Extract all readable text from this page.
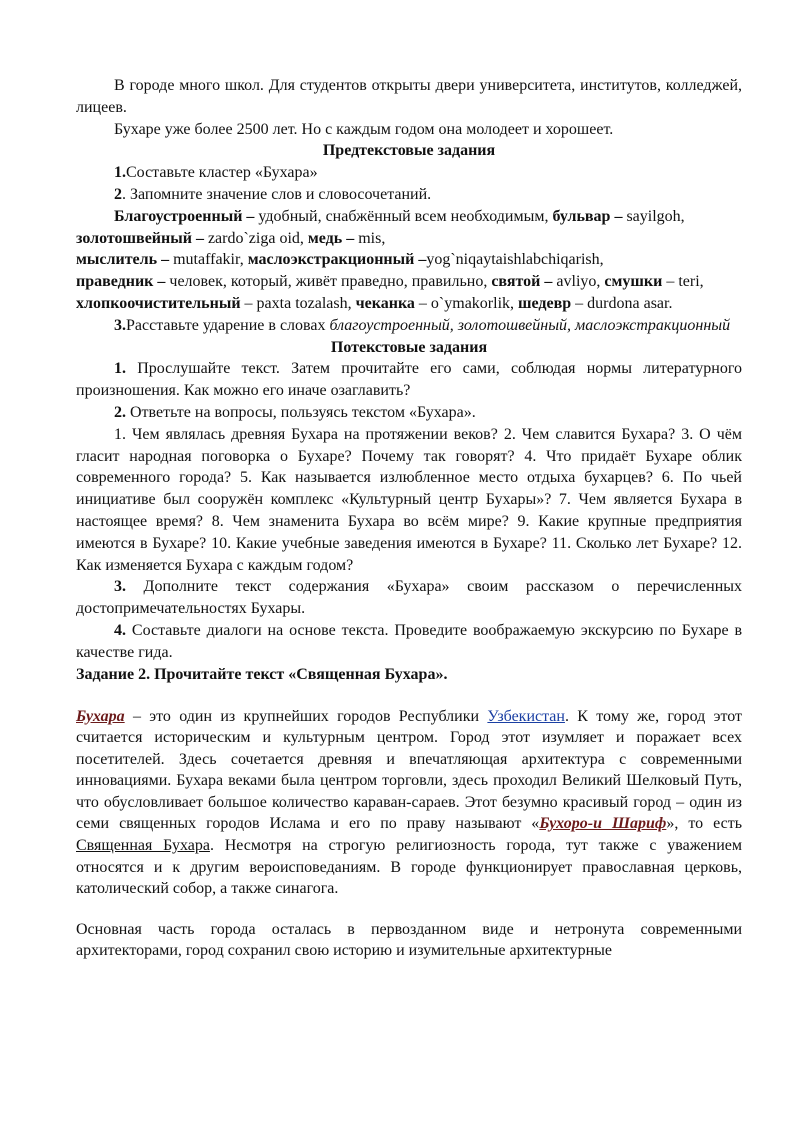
В городе много школ. Для студентов открыты двери университета, институтов, колледжей, лицеев.

Бухаре уже более 2500 лет. Но с каждым годом она молодеет и хорошеет.

Предтекстовые задания

1.Составьте кластер «Бухара»

2. Запомните значение слов и словосочетаний.

Благоустроенный – удобный, снабжённый всем необходимым, бульвар – sayilgoh, золотошвейный – zardo`ziga oid, медь – mis,
мыслитель – mutaffakir, маслоэкстракционный –yog`niqaytaishlabchiqarish,
праведник – человек, который, живёт праведно, правильно, святой – avliyo, смушки – teri, хлопкоочистительный – paxta tozalash, чеканка – o`ymakorlik, шедевр – durdona asar.

3.Расставьте ударение в словах благоустроенный, золотошвейный, маслоэкстракционный

Потекстовые задания

1. Прослушайте текст. Затем прочитайте его сами, соблюдая нормы литературного произношения. Как можно его иначе озаглавить?

2. Ответьте на вопросы, пользуясь текстом «Бухара».

1. Чем являлась древняя Бухара на протяжении веков? 2. Чем славится Бухара? 3. О чём гласит народная поговорка о Бухаре? Почему так говорят? 4. Что придаёт Бухаре облик современного города? 5. Как называется излюбленное место отдыха бухарцев? 6. По чьей инициативе был сооружён комплекс «Культурный центр Бухары»? 7. Чем является Бухара в настоящее время? 8. Чем знаменита Бухара во всём мире? 9. Какие крупные предприятия имеются в Бухаре? 10. Какие учебные заведения имеются в Бухаре? 11. Сколько лет Бухаре? 12. Как изменяется Бухара с каждым годом?

3. Дополните текст содержания «Бухара» своим рассказом о перечисленных достопримечательностях Бухары.

4. Составьте диалоги на основе текста. Проведите воображаемую экскурсию по Бухаре в качестве гида.

Задание 2. Прочитайте текст «Священная Бухара».

Бухара – это один из крупнейших городов Республики Узбекистан. К тому же, город этот считается историческим и культурным центром. Город этот изумляет и поражает всех посетителей. Здесь сочетается древняя и впечатляющая архитектура с современными инновациями. Бухара веками была центром торговли, здесь проходил Великий Шелковый Путь, что обусловливает большое количество караван-сараев. Этот безумно красивый город – один из семи священных городов Ислама и его по праву называют «Бухоро-и Шариф», то есть Священная Бухара. Несмотря на строгую религиозность города, тут также с уважением относятся и к другим вероисповеданиям. В городе функционирует православная церковь, католический собор, а также синагога.

Основная часть города осталась в первозданном виде и нетронута современными архитекторами, город сохранил свою историю и изумительные архитектурные
